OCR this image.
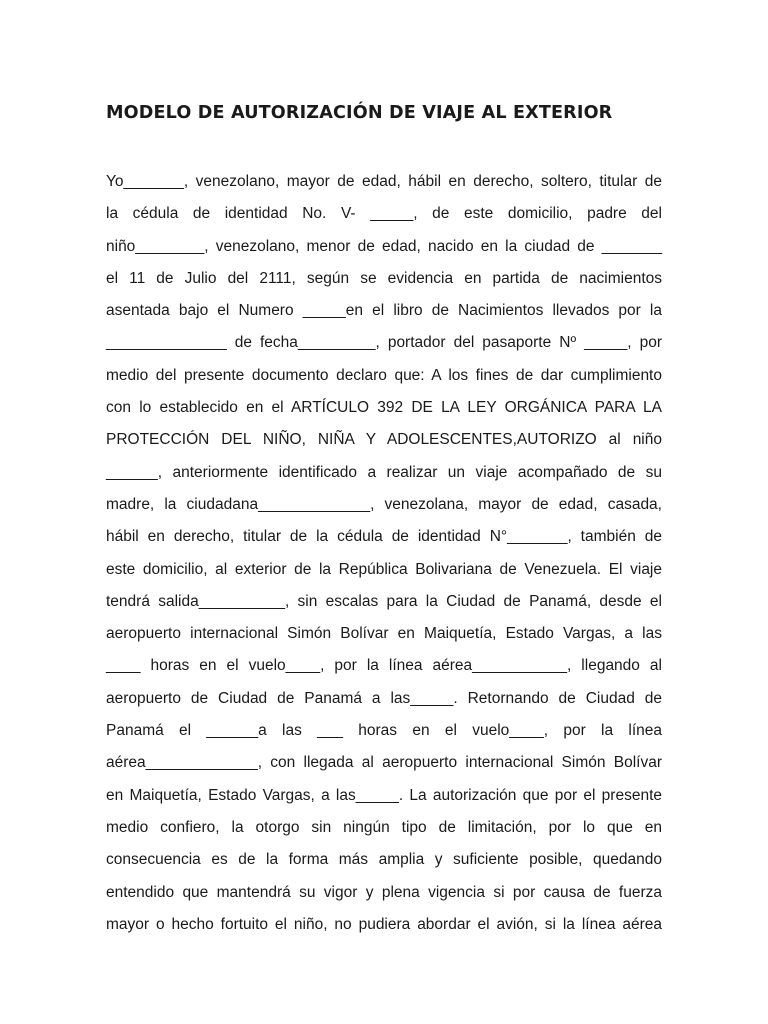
MODELO DE AUTORIZACIÓN DE VIAJE AL EXTERIOR
Yo_______, venezolano, mayor de edad, hábil en derecho, soltero, titular de
la cédula de identidad No. V- _____, de este domicilio, padre del
niño________, venezolano, menor de edad, nacido en la ciudad de _______
el 11 de Julio del 2111, según se evidencia en partida de nacimientos
asentada bajo el Numero _____en el libro de Nacimientos llevados por la
______________ de fecha_________, portador del pasaporte Nº _____, por
medio del presente documento declaro que: A los fines de dar cumplimiento
con lo establecido en el ARTÍCULO 392 DE LA LEY ORGÁNICA PARA LA
PROTECCIÓN DEL NIÑO, NIÑA Y ADOLESCENTES,AUTORIZO al niño
______, anteriormente identificado a realizar un viaje acompañado de su
madre, la ciudadana_____________, venezolana, mayor de edad, casada,
hábil en derecho, titular de la cédula de identidad N°_______, también de
este domicilio, al exterior de la República Bolivariana de Venezuela. El viaje
tendrá salida__________, sin escalas para la Ciudad de Panamá, desde el
aeropuerto internacional Simón Bolívar en Maiquetía, Estado Vargas, a las
____ horas en el vuelo____, por la línea aérea___________, llegando al
aeropuerto de Ciudad de Panamá a las_____. Retornando de Ciudad de
Panamá el ______a las ___ horas en el vuelo____, por la línea
aérea_____________, con llegada al aeropuerto internacional Simón Bolívar
en Maiquetía, Estado Vargas, a las_____. La autorización que por el presente
medio confiero, la otorgo sin ningún tipo de limitación, por lo que en
consecuencia es de la forma más amplia y suficiente posible, quedando
entendido que mantendrá su vigor y plena vigencia si por causa de fuerza
mayor o hecho fortuito el niño, no pudiera abordar el avión, si la línea aérea
